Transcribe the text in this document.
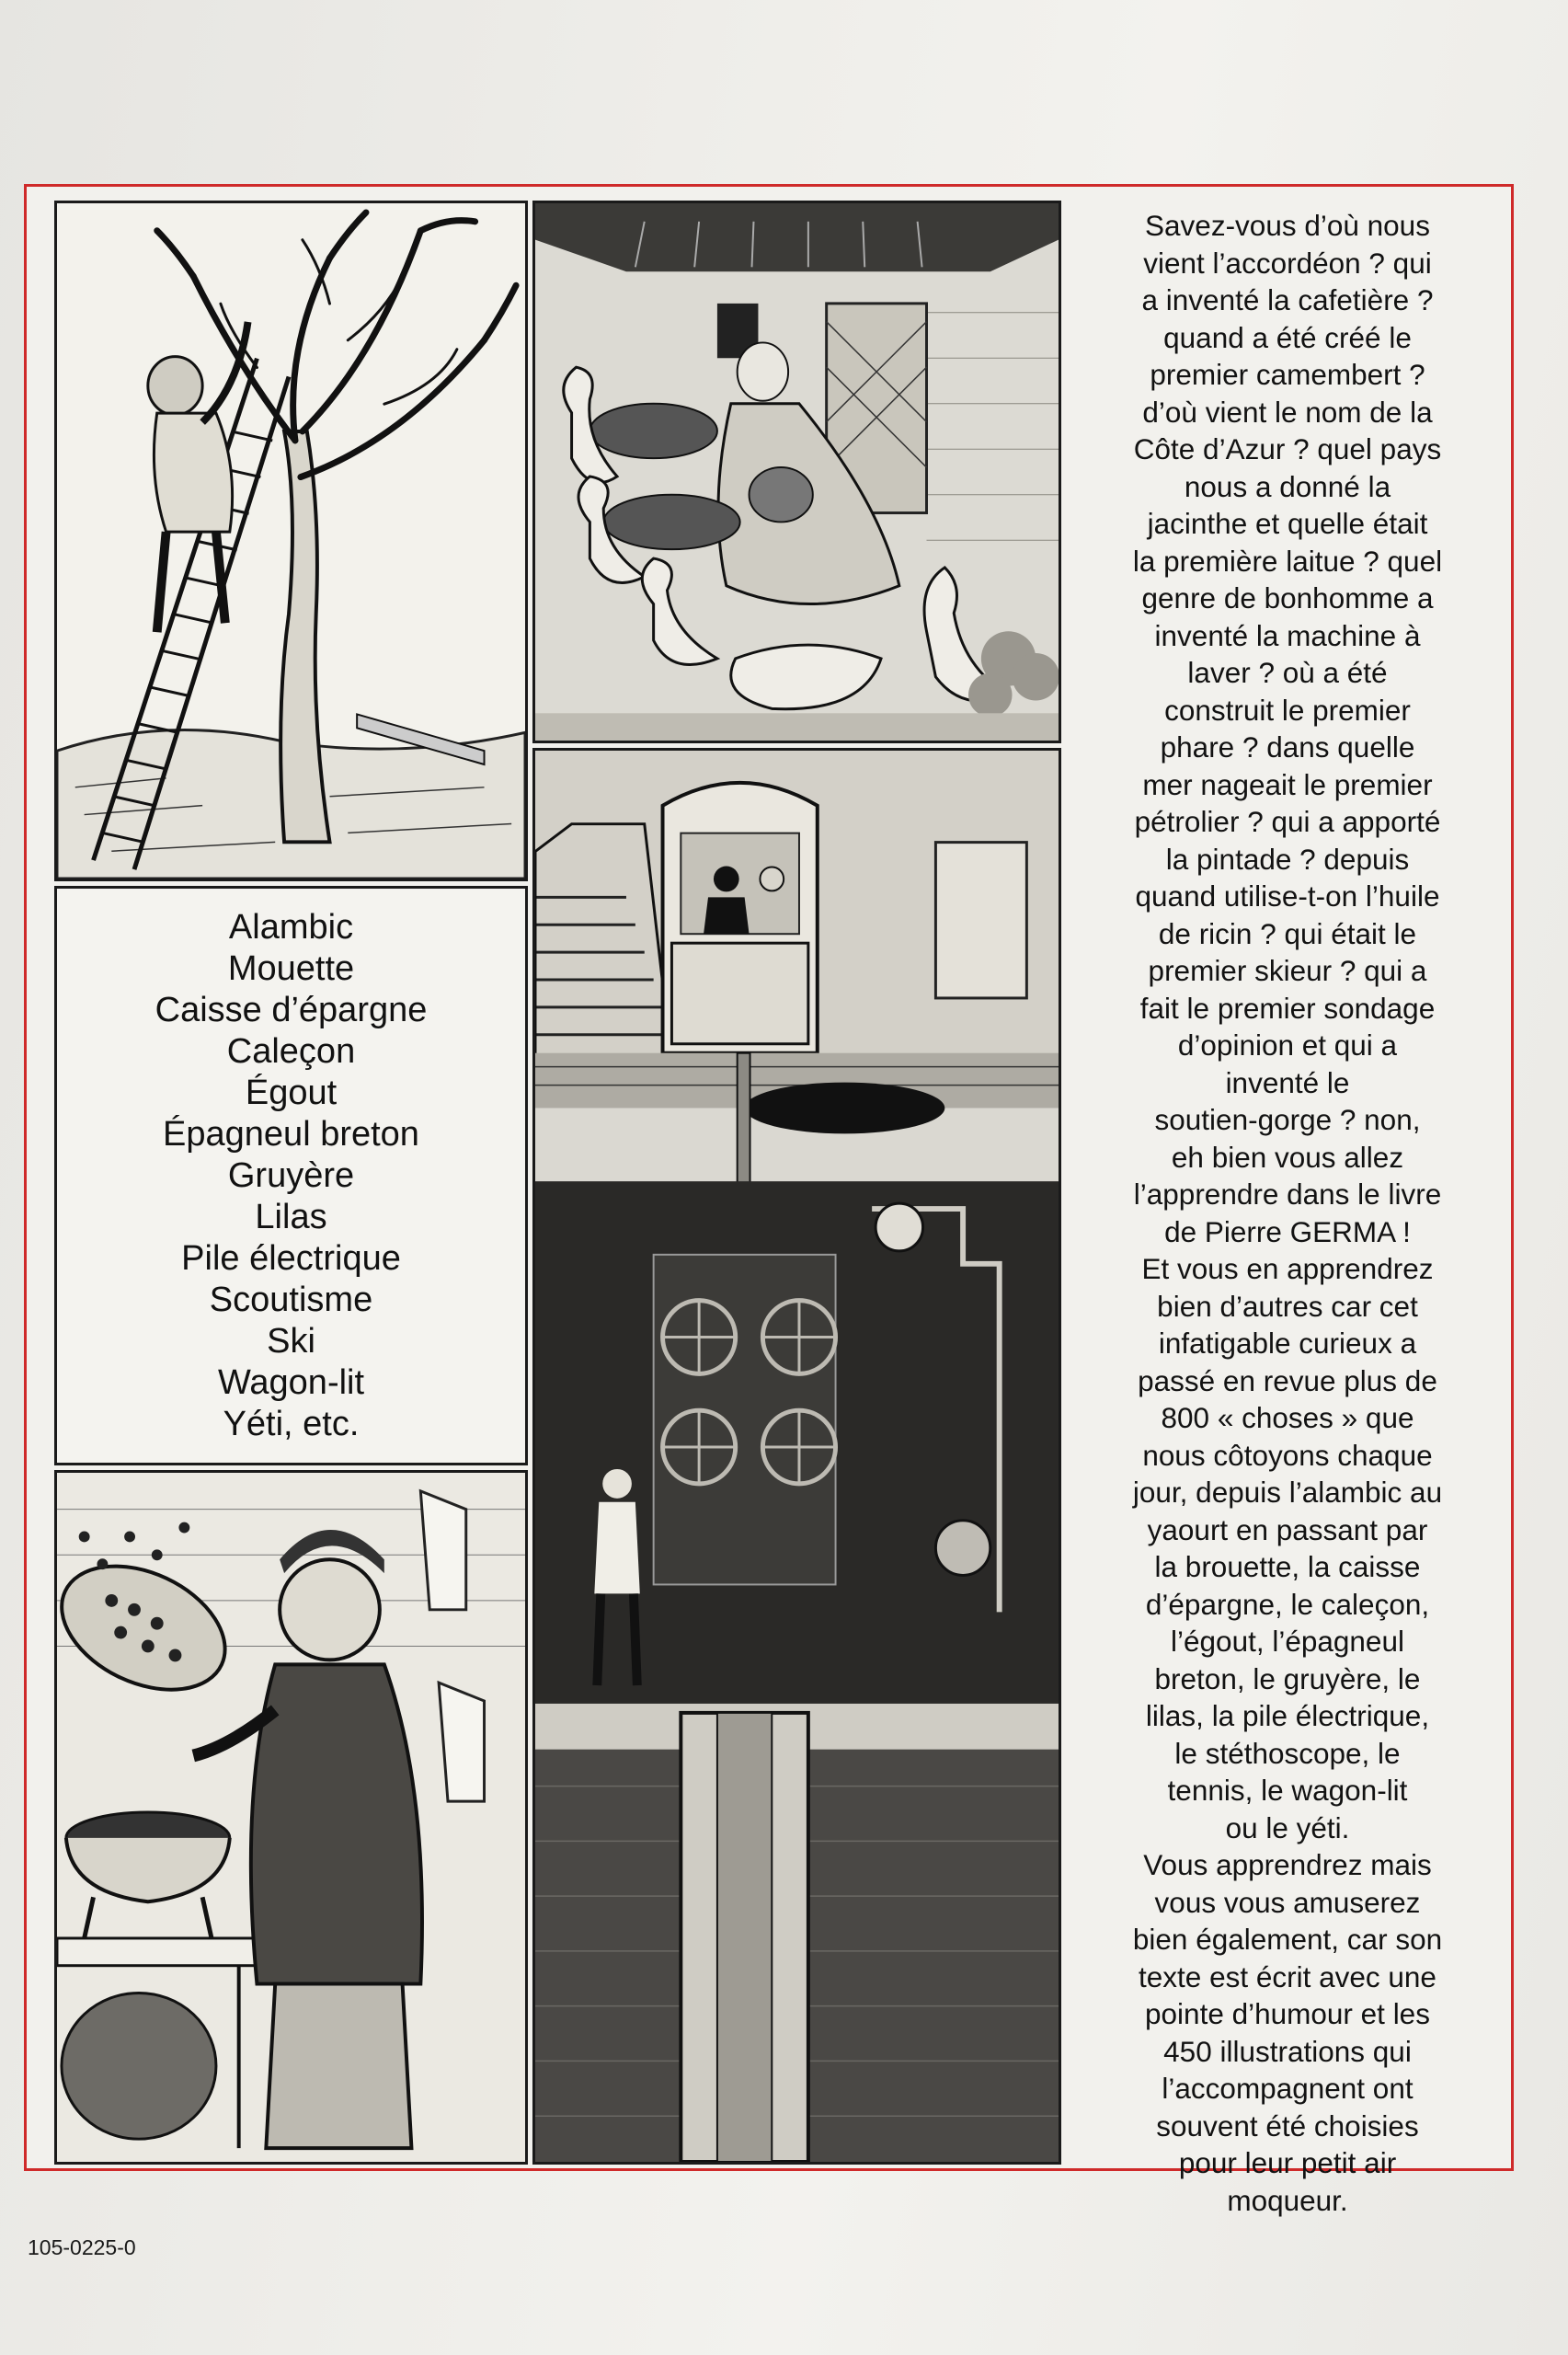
Alambic
Mouette
Caisse d’épargne
Caleçon
Égout
Épagneul breton
Gruyère
Lilas
Pile électrique
Scoutisme
Ski
Wagon-lit
Yéti, etc.
Savez-vous d’où nous
vient l’accordéon ? qui
a inventé la cafetière ?
quand a été créé le
premier camembert ?
d’où vient le nom de la
Côte d’Azur ? quel pays
nous a donné la
jacinthe et quelle était
la première laitue ? quel
genre de bonhomme a
inventé la machine à
laver ? où a été
construit le premier
phare ? dans quelle
mer nageait le premier
pétrolier ? qui a apporté
la pintade ? depuis
quand utilise-t-on l’huile
de ricin ? qui était le
premier skieur ? qui a
fait le premier sondage
d’opinion et qui a
inventé le
soutien-gorge ? non,
eh bien vous allez
l’apprendre dans le livre
de Pierre GERMA !
Et vous en apprendrez
bien d’autres car cet
infatigable curieux a
passé en revue plus de
800 « choses » que
nous côtoyons chaque
jour, depuis l’alambic au
yaourt en passant par
la brouette, la caisse
d’épargne, le caleçon,
l’égout, l’épagneul
breton, le gruyère, le
lilas, la pile électrique,
le stéthoscope, le
tennis, le wagon-lit
ou le yéti.
Vous apprendrez mais
vous vous amuserez
bien également, car son
texte est écrit avec une
pointe d’humour et les
450 illustrations qui
l’accompagnent ont
souvent été choisies
pour leur petit air
moqueur.
105-0225-0
